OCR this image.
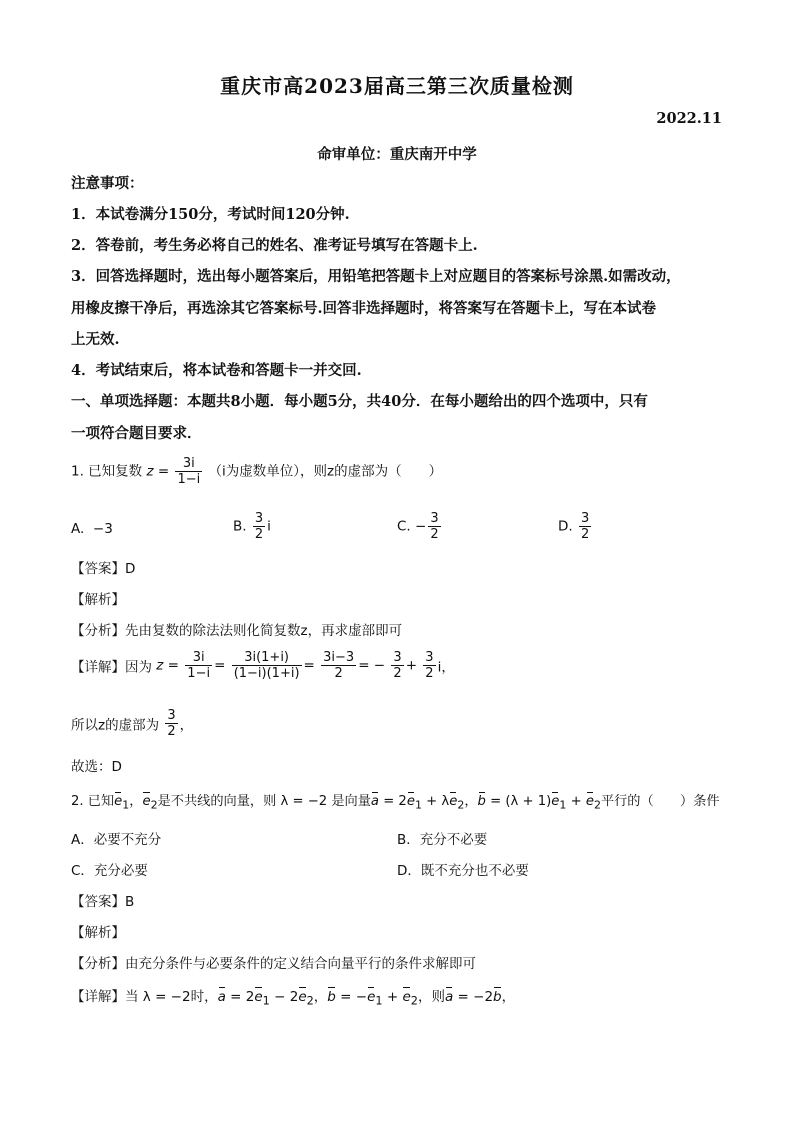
重庆市高2023届高三第三次质量检测
2022.11
命审单位：重庆南开中学
注意事项：
1．本试卷满分150分，考试时间120分钟.
2．答卷前，考生务必将自己的姓名、准考证号填写在答题卡上.
3．回答选择题时，选出每小题答案后，用铅笔把答题卡上对应题目的答案标号涂黑.如需改动，
用橡皮擦干净后，再选涂其它答案标号.回答非选择题时，将答案写在答题卡上，写在本试卷
上无效.
4．考试结束后，将本试卷和答题卡一并交回.
一、单项选择题：本题共8小题．每小题5分，共40分．在每小题给出的四个选项中，只有
一项符合题目要求．
1. 已知复数 $z = \frac{3i}{1-i} (i$为虚数单位），则z的虚部为（　　）
A. −3	B. $\frac{3}{2}$ i	C. − $\frac{3}{2}$	D. $\frac{3}{2}$
【答案】D
【解析】
【分析】先由复数的除法法则化简复数z，再求虚部即可
【详解】因为 $z = \frac{3i}{1-i} = \frac{3i(1+i)}{(1-i)(1+i)} = \frac{3i-3}{2}$ = − $\frac{3}{2} + \frac{3}{2}$ i，
所以z的虚部为 $\frac{3}{2}$ ，
故选：D
2. 已知$e_1$，$e_2$是不共线的向量，则 λ = −2 是向量$a = 2e_1 + \lambda e_2$，$b = (\lambda + 1)e_1 + e_2$平行的（　　）条件
A．必要不充分	B．充分不必要
C．充分必要	D．既不充分也不必要
【答案】B
【解析】
【分析】由充分条件与必要条件的定义结合向量平行的条件求解即可
【详解】当 λ = −2时，$a = 2e_1 - 2e_2$，$b = -e_1 + e_2$，则a = −2b，
